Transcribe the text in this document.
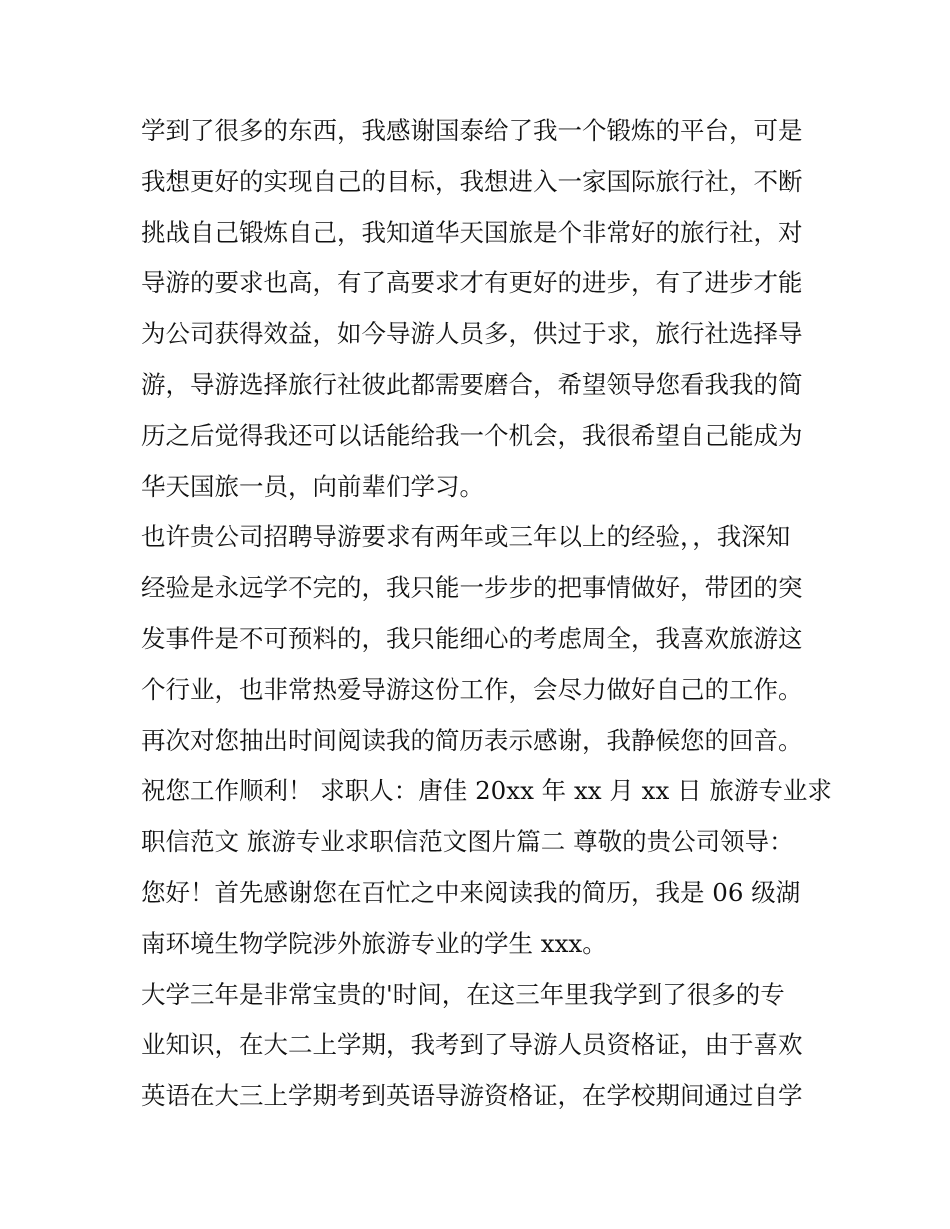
学到了很多的东西，我感谢国泰给了我一个锻炼的平台，可是
我想更好的实现自己的目标，我想进入一家国际旅行社，不断
挑战自己锻炼自己，我知道华天国旅是个非常好的旅行社，对
导游的要求也高，有了高要求才有更好的进步，有了进步才能
为公司获得效益，如今导游人员多，供过于求，旅行社选择导
游，导游选择旅行社彼此都需要磨合，希望领导您看我我的简
历之后觉得我还可以话能给我一个机会，我很希望自己能成为
华天国旅一员，向前辈们学习。
也许贵公司招聘导游要求有两年或三年以上的经验，，我深知
经验是永远学不完的，我只能一步步的把事情做好，带团的突
发事件是不可预料的，我只能细心的考虑周全，我喜欢旅游这
个行业，也非常热爱导游这份工作，会尽力做好自己的工作。
再次对您抽出时间阅读我的简历表示感谢，我静候您的回音。
祝您工作顺利！ 求职人：唐佳 20xx 年 xx 月 xx 日 旅游专业求
职信范文 旅游专业求职信范文图片篇二 尊敬的贵公司领导：
您好！首先感谢您在百忙之中来阅读我的简历，我是 06 级湖
南环境生物学院涉外旅游专业的学生 xxx。
大学三年是非常宝贵的'时间，在这三年里我学到了很多的专
业知识，在大二上学期，我考到了导游人员资格证，由于喜欢
英语在大三上学期考到英语导游资格证，在学校期间通过自学
